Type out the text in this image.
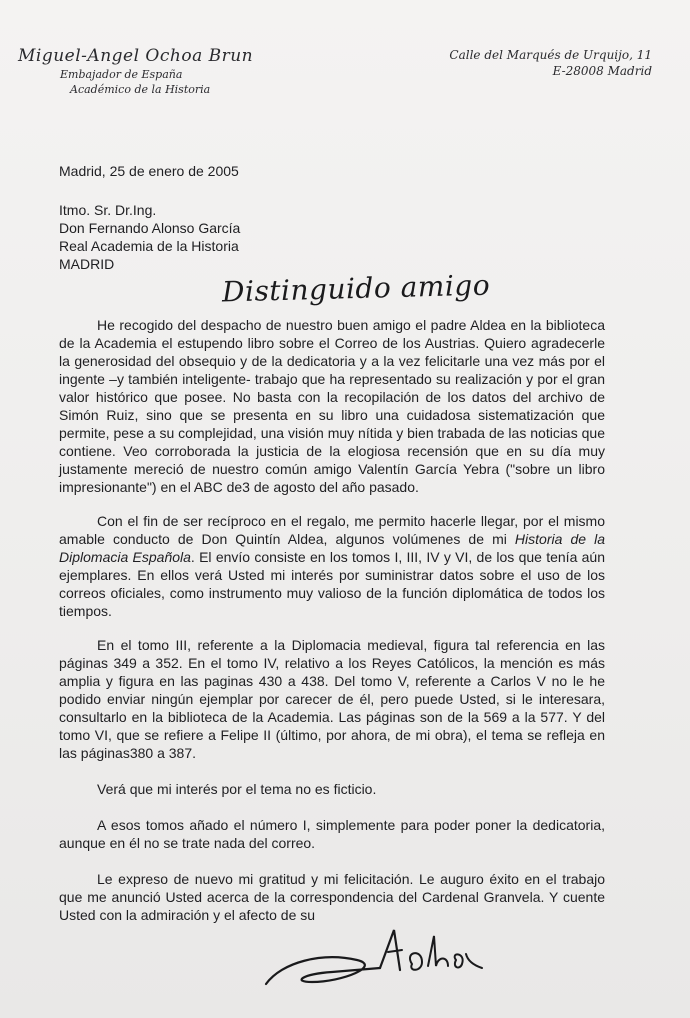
Miguel-Angel Ochoa Brun
Embajador de España
Académico de la Historia
Calle del Marqués de Urquijo, 11
E-28008 Madrid
Madrid, 25 de enero de 2005
Itmo. Sr. Dr.Ing.
Don Fernando Alonso García
Real Academia de la Historia
MADRID
Distinguido amigo

He recogido del despacho de nuestro buen amigo el padre Aldea en la biblioteca de la Academia el estupendo libro sobre el Correo de los Austrias. Quiero agradecerle la generosidad del obsequio y de la dedicatoria y a la vez felicitarle una vez más por el ingente –y también inteligente- trabajo que ha representado su realización y por el gran valor histórico que posee. No basta con la recopilación de los datos del archivo de Simón Ruiz, sino que se presenta en su libro una cuidadosa sistematización que permite, pese a su complejidad, una visión muy nítida y bien trabada de las noticias que contiene. Veo corroborada la justicia de la elogiosa recensión que en su día muy justamente mereció de nuestro común amigo Valentín García Yebra ("sobre un libro impresionante") en el ABC de3 de agosto del año pasado.

Con el fin de ser recíproco en el regalo, me permito hacerle llegar, por el mismo amable conducto de Don Quintín Aldea, algunos volúmenes de mi Historia de la Diplomacia Española. El envío consiste en los tomos I, III, IV y VI, de los que tenía aún ejemplares. En ellos verá Usted mi interés por suministrar datos sobre el uso de los correos oficiales, como instrumento muy valioso de la función diplomática de todos los tiempos.

En el tomo III, referente a la Diplomacia medieval, figura tal referencia en las páginas 349 a 352. En el tomo IV, relativo a los Reyes Católicos, la mención es más amplia y figura en las paginas 430 a 438. Del tomo V, referente a Carlos V no le he podido enviar ningún ejemplar por carecer de él, pero puede Usted, si le interesara, consultarlo en la biblioteca de la Academia. Las páginas son de la 569 a la 577. Y del tomo VI, que se refiere a Felipe II (último, por ahora, de mi obra), el tema se refleja en las páginas380 a 387.

Verá que mi interés por el tema no es ficticio.

A esos tomos añado el número I, simplemente para poder poner la dedicatoria, aunque en él no se trate nada del correo.

Le expreso de nuevo mi gratitud y mi felicitación. Le auguro éxito en el trabajo que me anunció Usted acerca de la correspondencia del Cardenal Granvela. Y cuente Usted con la admiración y el afecto de su
